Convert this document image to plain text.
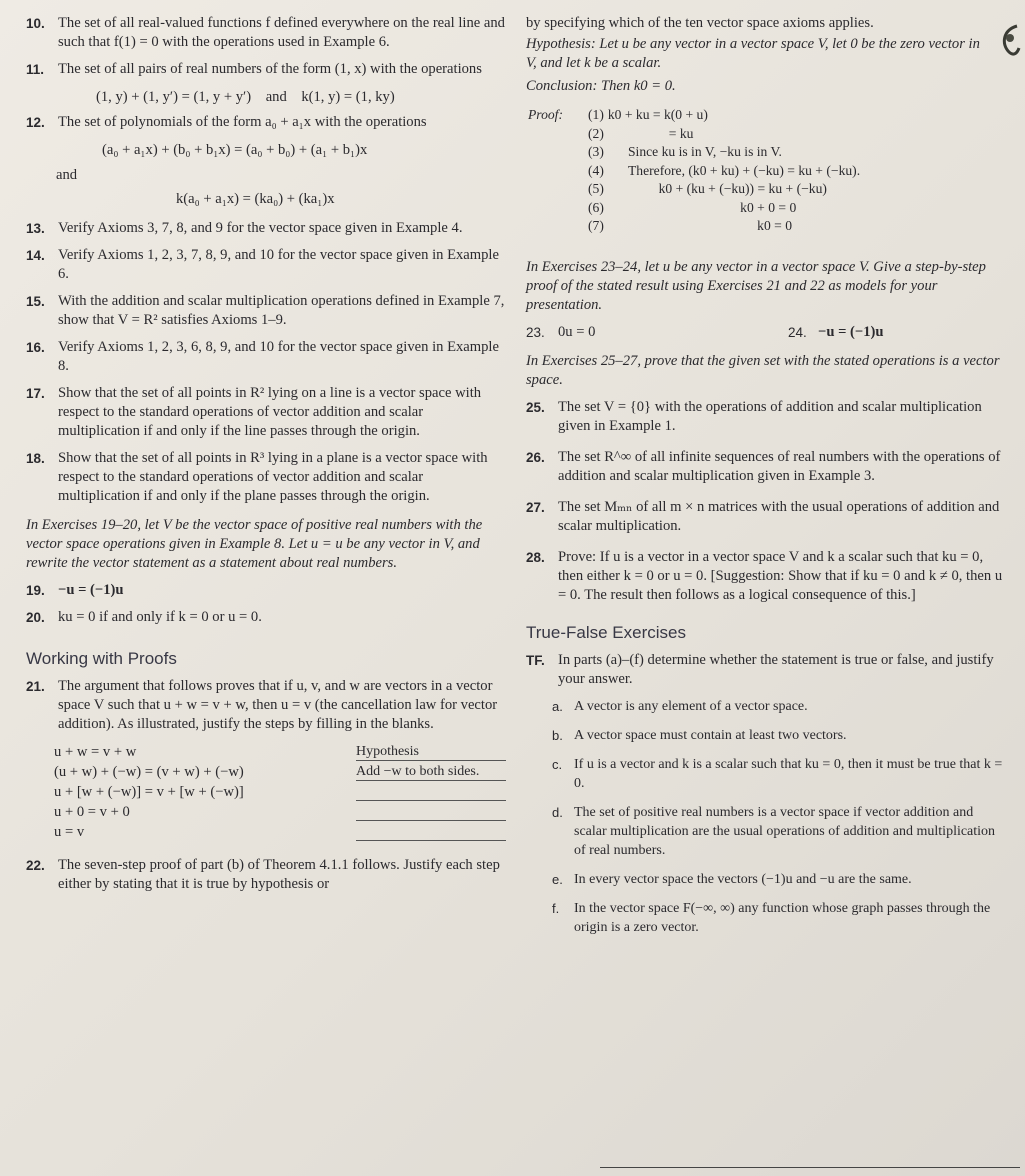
10. The set of all real-valued functions f defined everywhere on the real line and such that f(1) = 0 with the operations used in Example 6.
11. The set of all pairs of real numbers of the form (1, x) with the operations
(1, y) + (1, y′) = (1, y + y′)    and    k(1, y) = (1, ky)
12. The set of polynomials of the form a₀ + a₁x with the operations
(a₀ + a₁x) + (b₀ + b₁x) = (a₀ + b₀) + (a₁ + b₁)x
and
k(a₀ + a₁x) = (ka₀) + (ka₁)x
13. Verify Axioms 3, 7, 8, and 9 for the vector space given in Example 4.
14. Verify Axioms 1, 2, 3, 7, 8, 9, and 10 for the vector space given in Example 6.
15. With the addition and scalar multiplication operations defined in Example 7, show that V = R² satisfies Axioms 1–9.
16. Verify Axioms 1, 2, 3, 6, 8, 9, and 10 for the vector space given in Example 8.
17. Show that the set of all points in R² lying on a line is a vector space with respect to the standard operations of vector addition and scalar multiplication if and only if the line passes through the origin.
18. Show that the set of all points in R³ lying in a plane is a vector space with respect to the standard operations of vector addition and scalar multiplication if and only if the plane passes through the origin.
In Exercises 19–20, let V be the vector space of positive real numbers with the vector space operations given in Example 8. Let u = u be any vector in V, and rewrite the vector statement as a statement about real numbers.
19. −u = (−1)u
20. ku = 0 if and only if k = 0 or u = 0.
Working with Proofs
21. The argument that follows proves that if u, v, and w are vectors in a vector space V such that u + w = v + w, then u = v (the cancellation law for vector addition). As illustrated, justify the steps by filling in the blanks.
u + w = v + w	Hypothesis
(u + w) + (−w) = (v + w) + (−w)	Add −w to both sides.
u + [w + (−w)] = v + [w + (−w)]
u + 0 = v + 0
u = v
22. The seven-step proof of part (b) of Theorem 4.1.1 follows. Justify each step either by stating that it is true by hypothesis or
by specifying which of the ten vector space axioms applies.
Hypothesis: Let u be any vector in a vector space V, let 0 be the zero vector in V, and let k be a scalar.
Conclusion: Then k0 = 0.
Proof:	(1) k0 + ku = k(0 + u)
(2)	= ku
(3)	Since ku is in V, −ku is in V.
(4)	Therefore, (k0 + ku) + (−ku) = ku + (−ku).
(5)	k0 + (ku + (−ku)) = ku + (−ku)
(6)	k0 + 0 = 0
(7)	k0 = 0
In Exercises 23–24, let u be any vector in a vector space V. Give a step-by-step proof of the stated result using Exercises 21 and 22 as models for your presentation.
23. 0u = 0	24. −u = (−1)u
In Exercises 25–27, prove that the given set with the stated operations is a vector space.
25. The set V = {0} with the operations of addition and scalar multiplication given in Example 1.
26. The set R^∞ of all infinite sequences of real numbers with the operations of addition and scalar multiplication given in Example 3.
27. The set Mₘₙ of all m × n matrices with the usual operations of addition and scalar multiplication.
28. Prove: If u is a vector in a vector space V and k a scalar such that ku = 0, then either k = 0 or u = 0. [Suggestion: Show that if ku = 0 and k ≠ 0, then u = 0. The result then follows as a logical consequence of this.]
True-False Exercises
TF. In parts (a)–(f) determine whether the statement is true or false, and justify your answer.
a. A vector is any element of a vector space.
b. A vector space must contain at least two vectors.
c. If u is a vector and k is a scalar such that ku = 0, then it must be true that k = 0.
d. The set of positive real numbers is a vector space if vector addition and scalar multiplication are the usual operations of addition and multiplication of real numbers.
e. In every vector space the vectors (−1)u and −u are the same.
f. In the vector space F(−∞, ∞) any function whose graph passes through the origin is a zero vector.
